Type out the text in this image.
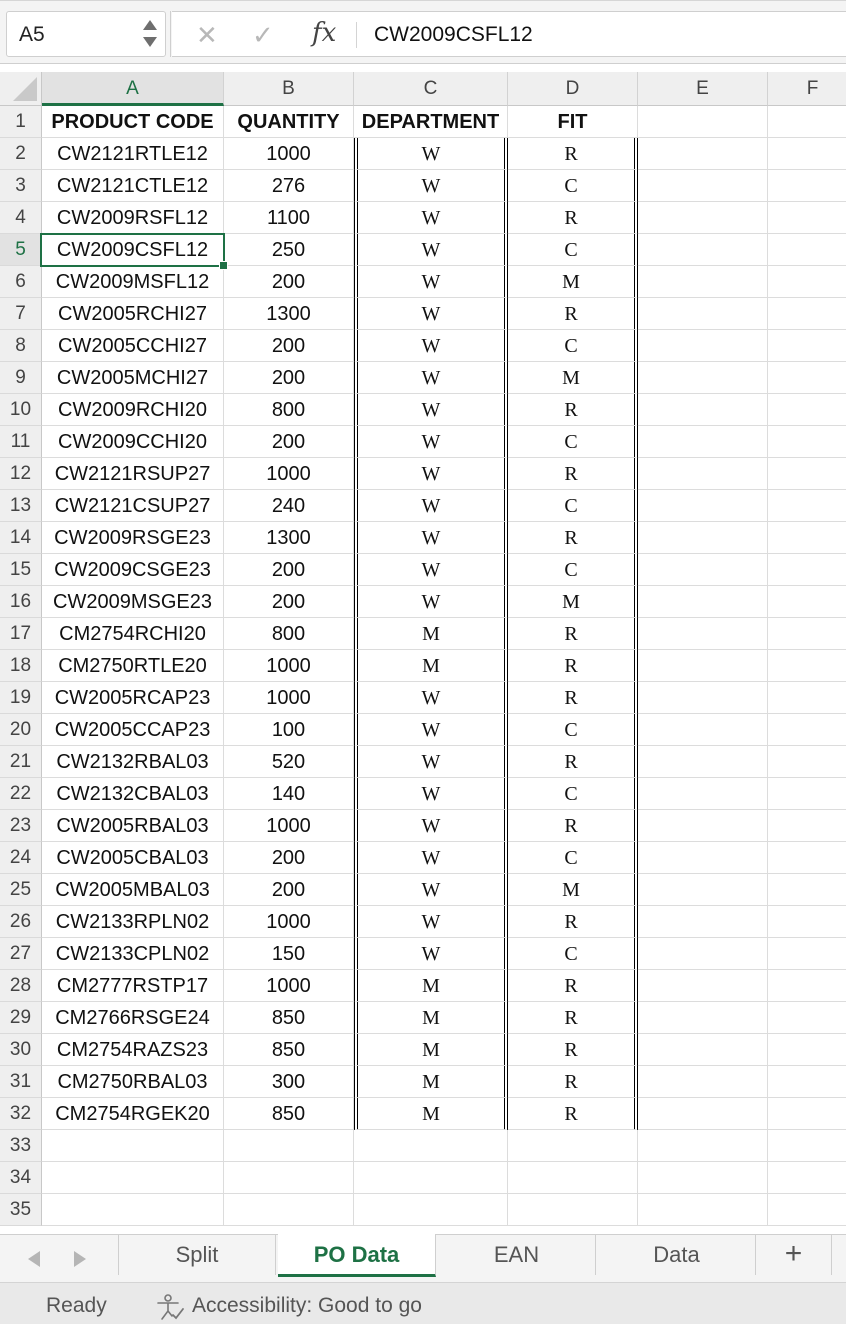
A5	✕ ✓ fx CW2009CSFL12
A	B	C	D	E	F
1	PRODUCT CODE	QUANTITY	DEPARTMENT	FIT
2	CW2121RTLE12	1000	W	R
3	CW2121CTLE12	276	W	C
4	CW2009RSFL12	1100	W	R
5	CW2009CSFL12	250	W	C
6	CW2009MSFL12	200	W	M
7	CW2005RCHI27	1300	W	R
8	CW2005CCHI27	200	W	C
9	CW2005MCHI27	200	W	M
10	CW2009RCHI20	800	W	R
11	CW2009CCHI20	200	W	C
12	CW2121RSUP27	1000	W	R
13	CW2121CSUP27	240	W	C
14	CW2009RSGE23	1300	W	R
15	CW2009CSGE23	200	W	C
16	CW2009MSGE23	200	W	M
17	CM2754RCHI20	800	M	R
18	CM2750RTLE20	1000	M	R
19	CW2005RCAP23	1000	W	R
20	CW2005CCAP23	100	W	C
21	CW2132RBAL03	520	W	R
22	CW2132CBAL03	140	W	C
23	CW2005RBAL03	1000	W	R
24	CW2005CBAL03	200	W	C
25	CW2005MBAL03	200	W	M
26	CW2133RPLN02	1000	W	R
27	CW2133CPLN02	150	W	C
28	CM2777RSTP17	1000	M	R
29	CM2766RSGE24	850	M	R
30	CM2754RAZS23	850	M	R
31	CM2750RBAL03	300	M	R
32	CM2754RGEK20	850	M	R
33
34
35
+
Split	PO Data	EAN	Data
Ready	Accessibility: Good to go
